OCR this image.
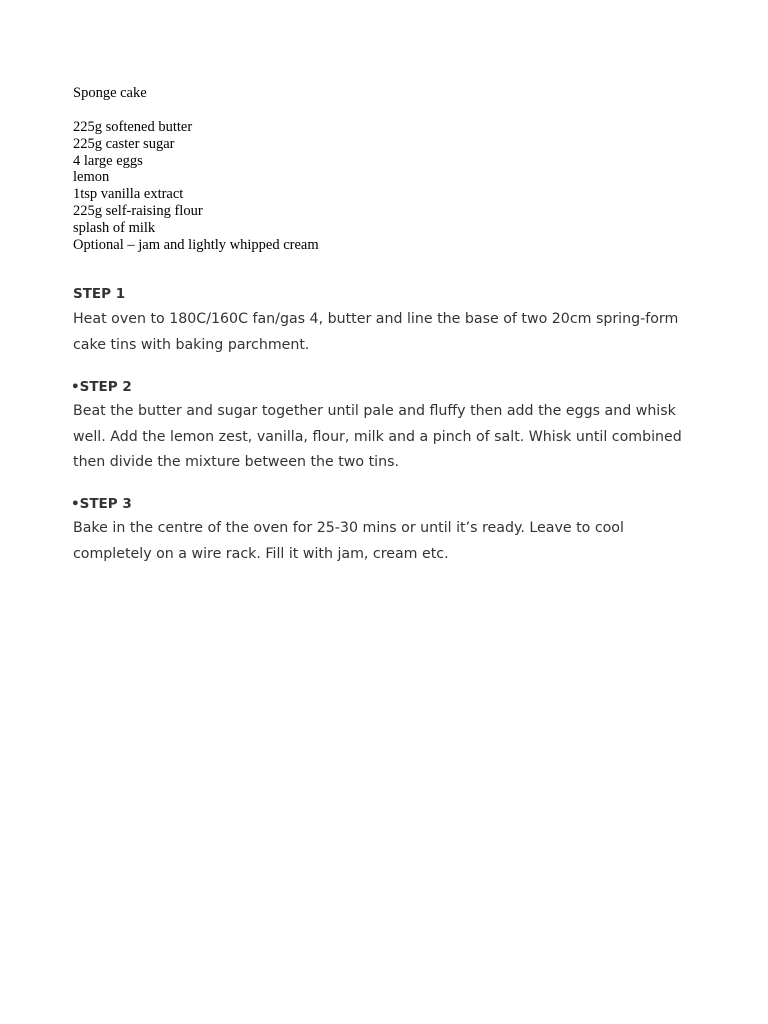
Sponge cake

225g softened butter
225g caster sugar
4 large eggs
lemon
1tsp vanilla extract
225g self-raising flour
splash of milk
Optional – jam and lightly whipped cream

STEP 1

Heat oven to 180C/160C fan/gas 4, butter and line the base of two 20cm spring-form cake tins with baking parchment.

•STEP 2

Beat the butter and sugar together until pale and fluffy then add the eggs and whisk well. Add the lemon zest, vanilla, flour, milk and a pinch of salt. Whisk until combined then divide the mixture between the two tins.

•STEP 3

Bake in the centre of the oven for 25-30 mins or until it’s ready. Leave to cool completely on a wire rack. Fill it with jam, cream etc.
